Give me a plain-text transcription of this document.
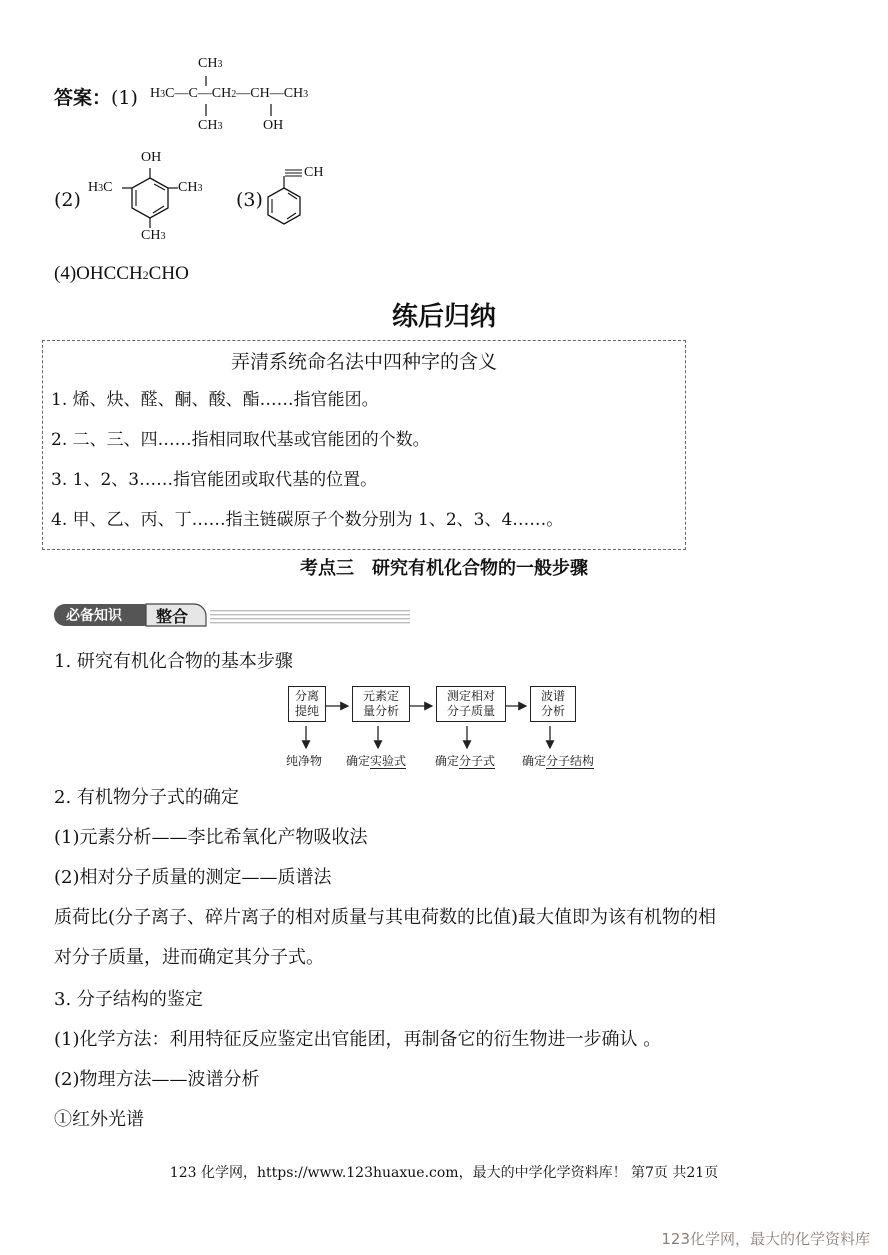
答案：(1)
CH3
H3C—C—CH2—CH—CH3
CH3	OH
(2)
OH
H3C	CH3
CH3
(3)
CH
(4)OHCCH2CHO
练后归纳
弄清系统命名法中四种字的含义
1. 烯、炔、醛、酮、酸、酯……指官能团。
2. 二、三、四……指相同取代基或官能团的个数。
3. 1、2、3……指官能团或取代基的位置。
4. 甲、乙、丙、丁……指主链碳原子个数分别为 1、2、3、4……。
考点三　研究有机化合物的一般步骤
必备知识 整合
1. 研究有机化合物的基本步骤
分离
提纯
元素定
量分析
测定相对
分子质量
波谱
分析
纯净物 确定实验式 确定分子式 确定分子结构
2. 有机物分子式的确定
(1)元素分析——李比希氧化产物吸收法
(2)相对分子质量的测定——质谱法
质荷比(分子离子、碎片离子的相对质量与其电荷数的比值)最大值即为该有机物的相
对分子质量，进而确定其分子式。
3. 分子结构的鉴定
(1)化学方法：利用特征反应鉴定出官能团，再制备它的衍生物进一步确认 。
(2)物理方法——波谱分析
①红外光谱
123 化学网，https://www.123huaxue.com，最大的中学化学资料库！ 第7页 共21页
123化学网，最大的化学资料库
